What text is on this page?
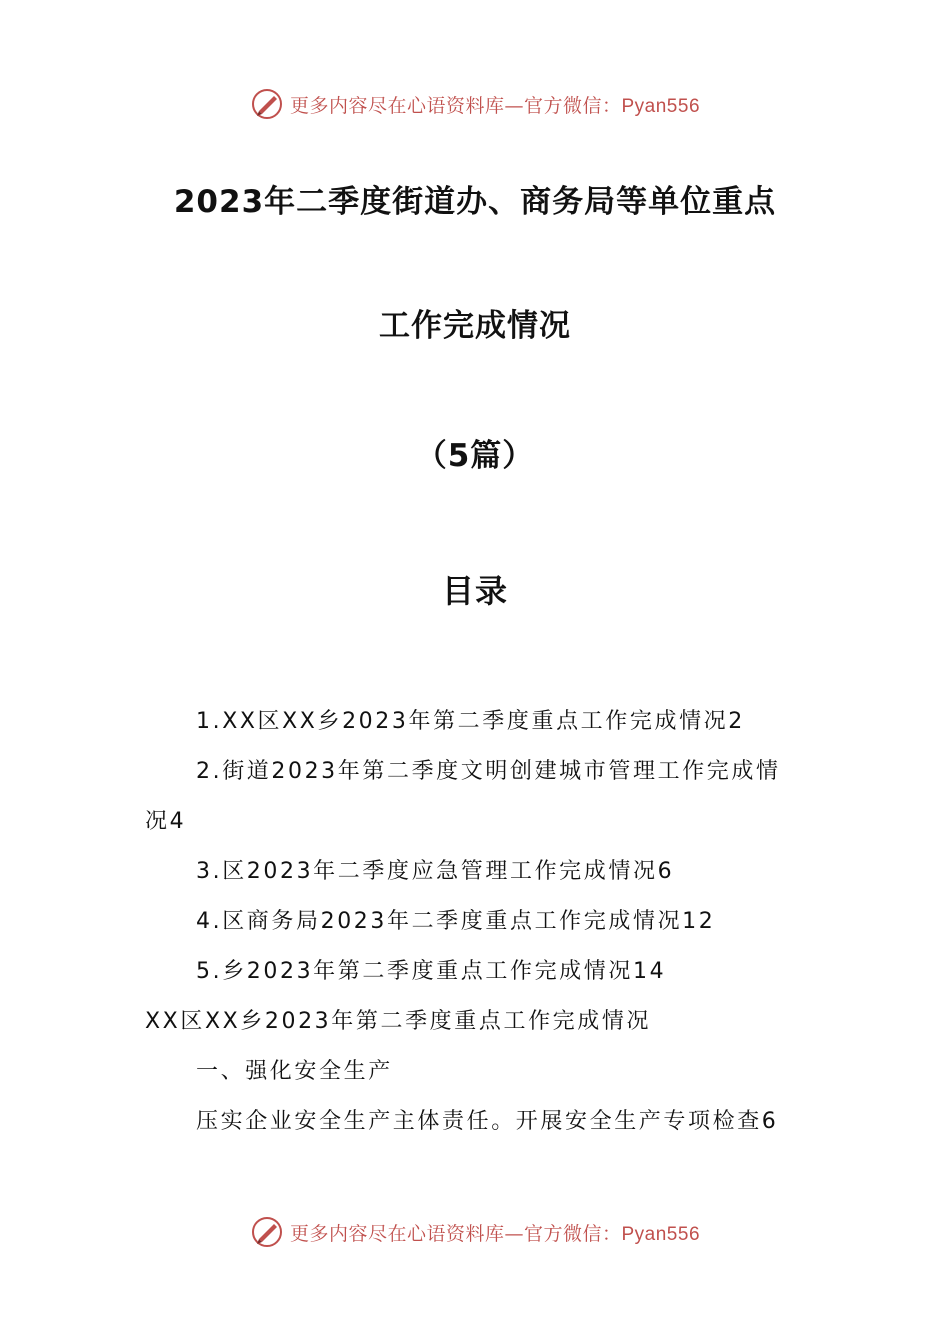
更多内容尽在心语资料库—官方微信：Pyan556
2023年二季度街道办、商务局等单位重点
工作完成情况
（5篇）
目录
1.XX区XX乡2023年第二季度重点工作完成情况2
2.街道2023年第二季度文明创建城市管理工作完成情
况4
3.区2023年二季度应急管理工作完成情况6
4.区商务局2023年二季度重点工作完成情况12
5.乡2023年第二季度重点工作完成情况14
XX区XX乡2023年第二季度重点工作完成情况
一、强化安全生产
压实企业安全生产主体责任。开展安全生产专项检查6
更多内容尽在心语资料库—官方微信：Pyan556
